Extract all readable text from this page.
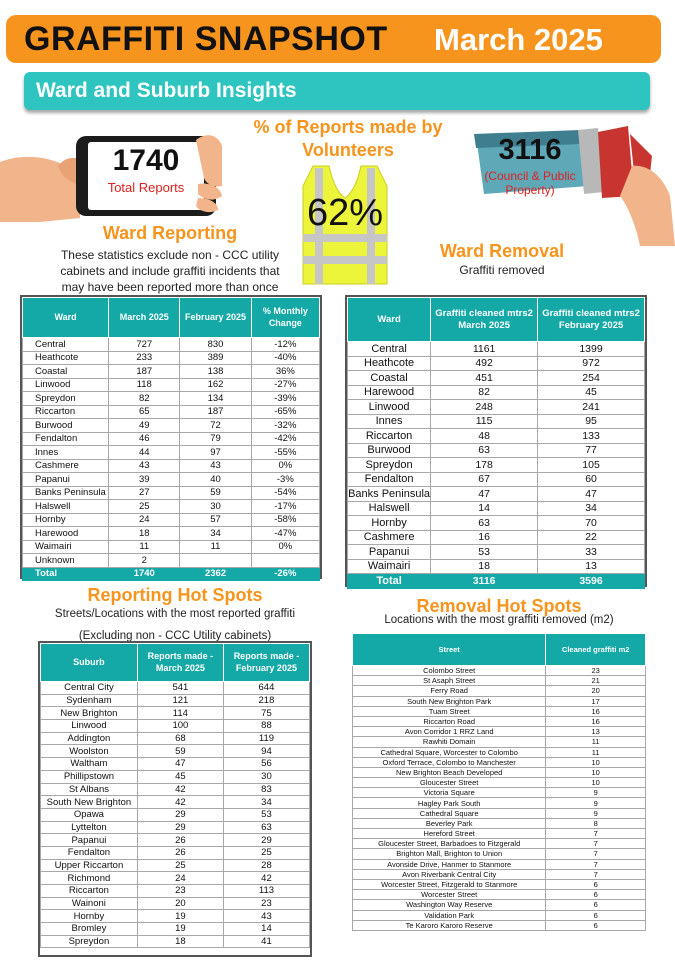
GRAFFITI SNAPSHOT March 2025
Ward and Suburb Insights
1740
Total Reports
% of Reports made by
Volunteers
62%
3116
(Council & Public
Property)
Ward Reporting
These statistics exclude non - CCC utility
cabinets and include graffiti incidents that
may have been reported more than once
Ward	March 2025	February 2025	% Monthly Change
Central	727	830	-12%
Heathcote	233	389	-40%
Coastal	187	138	36%
Linwood	118	162	-27%
Spreydon	82	134	-39%
Riccarton	65	187	-65%
Burwood	49	72	-32%
Fendalton	46	79	-42%
Innes	44	97	-55%
Cashmere	43	43	0%
Papanui	39	40	-3%
Banks Peninsula	27	59	-54%
Halswell	25	30	-17%
Hornby	24	57	-58%
Harewood	18	34	-47%
Waimairi	11	11	0%
Unknown	2		
Total	1740	2362	-26%
Ward Removal
Graffiti removed
Ward	Graffiti cleaned mtrs2 March 2025	Graffiti cleaned mtrs2 February 2025
Central	1161	1399
Heathcote	492	972
Coastal	451	254
Harewood	82	45
Linwood	248	241
Innes	115	95
Riccarton	48	133
Burwood	63	77
Spreydon	178	105
Fendalton	67	60
Banks Peninsula	47	47
Halswell	14	34
Hornby	63	70
Cashmere	16	22
Papanui	53	33
Waimairi	18	13
Total	3116	3596
Reporting Hot Spots
Streets/Locations with the most reported graffiti
(Excluding non - CCC Utility cabinets)
Suburb	Reports made - March 2025	Reports made - February 2025
Central City	541	644
Sydenham	121	218
New Brighton	114	75
Linwood	100	88
Addington	68	119
Woolston	59	94
Waltham	47	56
Phillipstown	45	30
St Albans	42	83
South New Brighton	42	34
Opawa	29	53
Lyttelton	29	63
Papanui	26	29
Fendalton	26	25
Upper Riccarton	25	28
Richmond	24	42
Riccarton	23	113
Wainoni	20	23
Hornby	19	43
Bromley	19	14
Spreydon	18	41
Removal Hot Spots
Locations with the most graffiti removed (m2)
Street	Cleaned graffiti m2
Colombo Street	23
St Asaph Street	21
Ferry Road	20
South New Brighton Park	17
Tuam Street	16
Riccarton Road	16
Avon Corridor 1 RRZ Land	13
Rawhiti Domain	11
Cathedral Square, Worcester to Colombo	11
Oxford Terrace, Colombo to Manchester	10
New Brighton Beach Developed	10
Gloucester Street	10
Victoria Square	9
Hagley Park South	9
Cathedral Square	9
Beverley Park	8
Hereford Street	7
Gloucester Street, Barbadoes to Fitzgerald	7
Brighton Mall, Brighton to Union	7
Avonside Drive, Hanmer to Stanmore	7
Avon Riverbank Central City	7
Worcester Street, Fitzgerald to Stanmore	6
Worcester Street	6
Washington Way Reserve	6
Validation Park	6
Te Karoro Karoro Reserve	6
